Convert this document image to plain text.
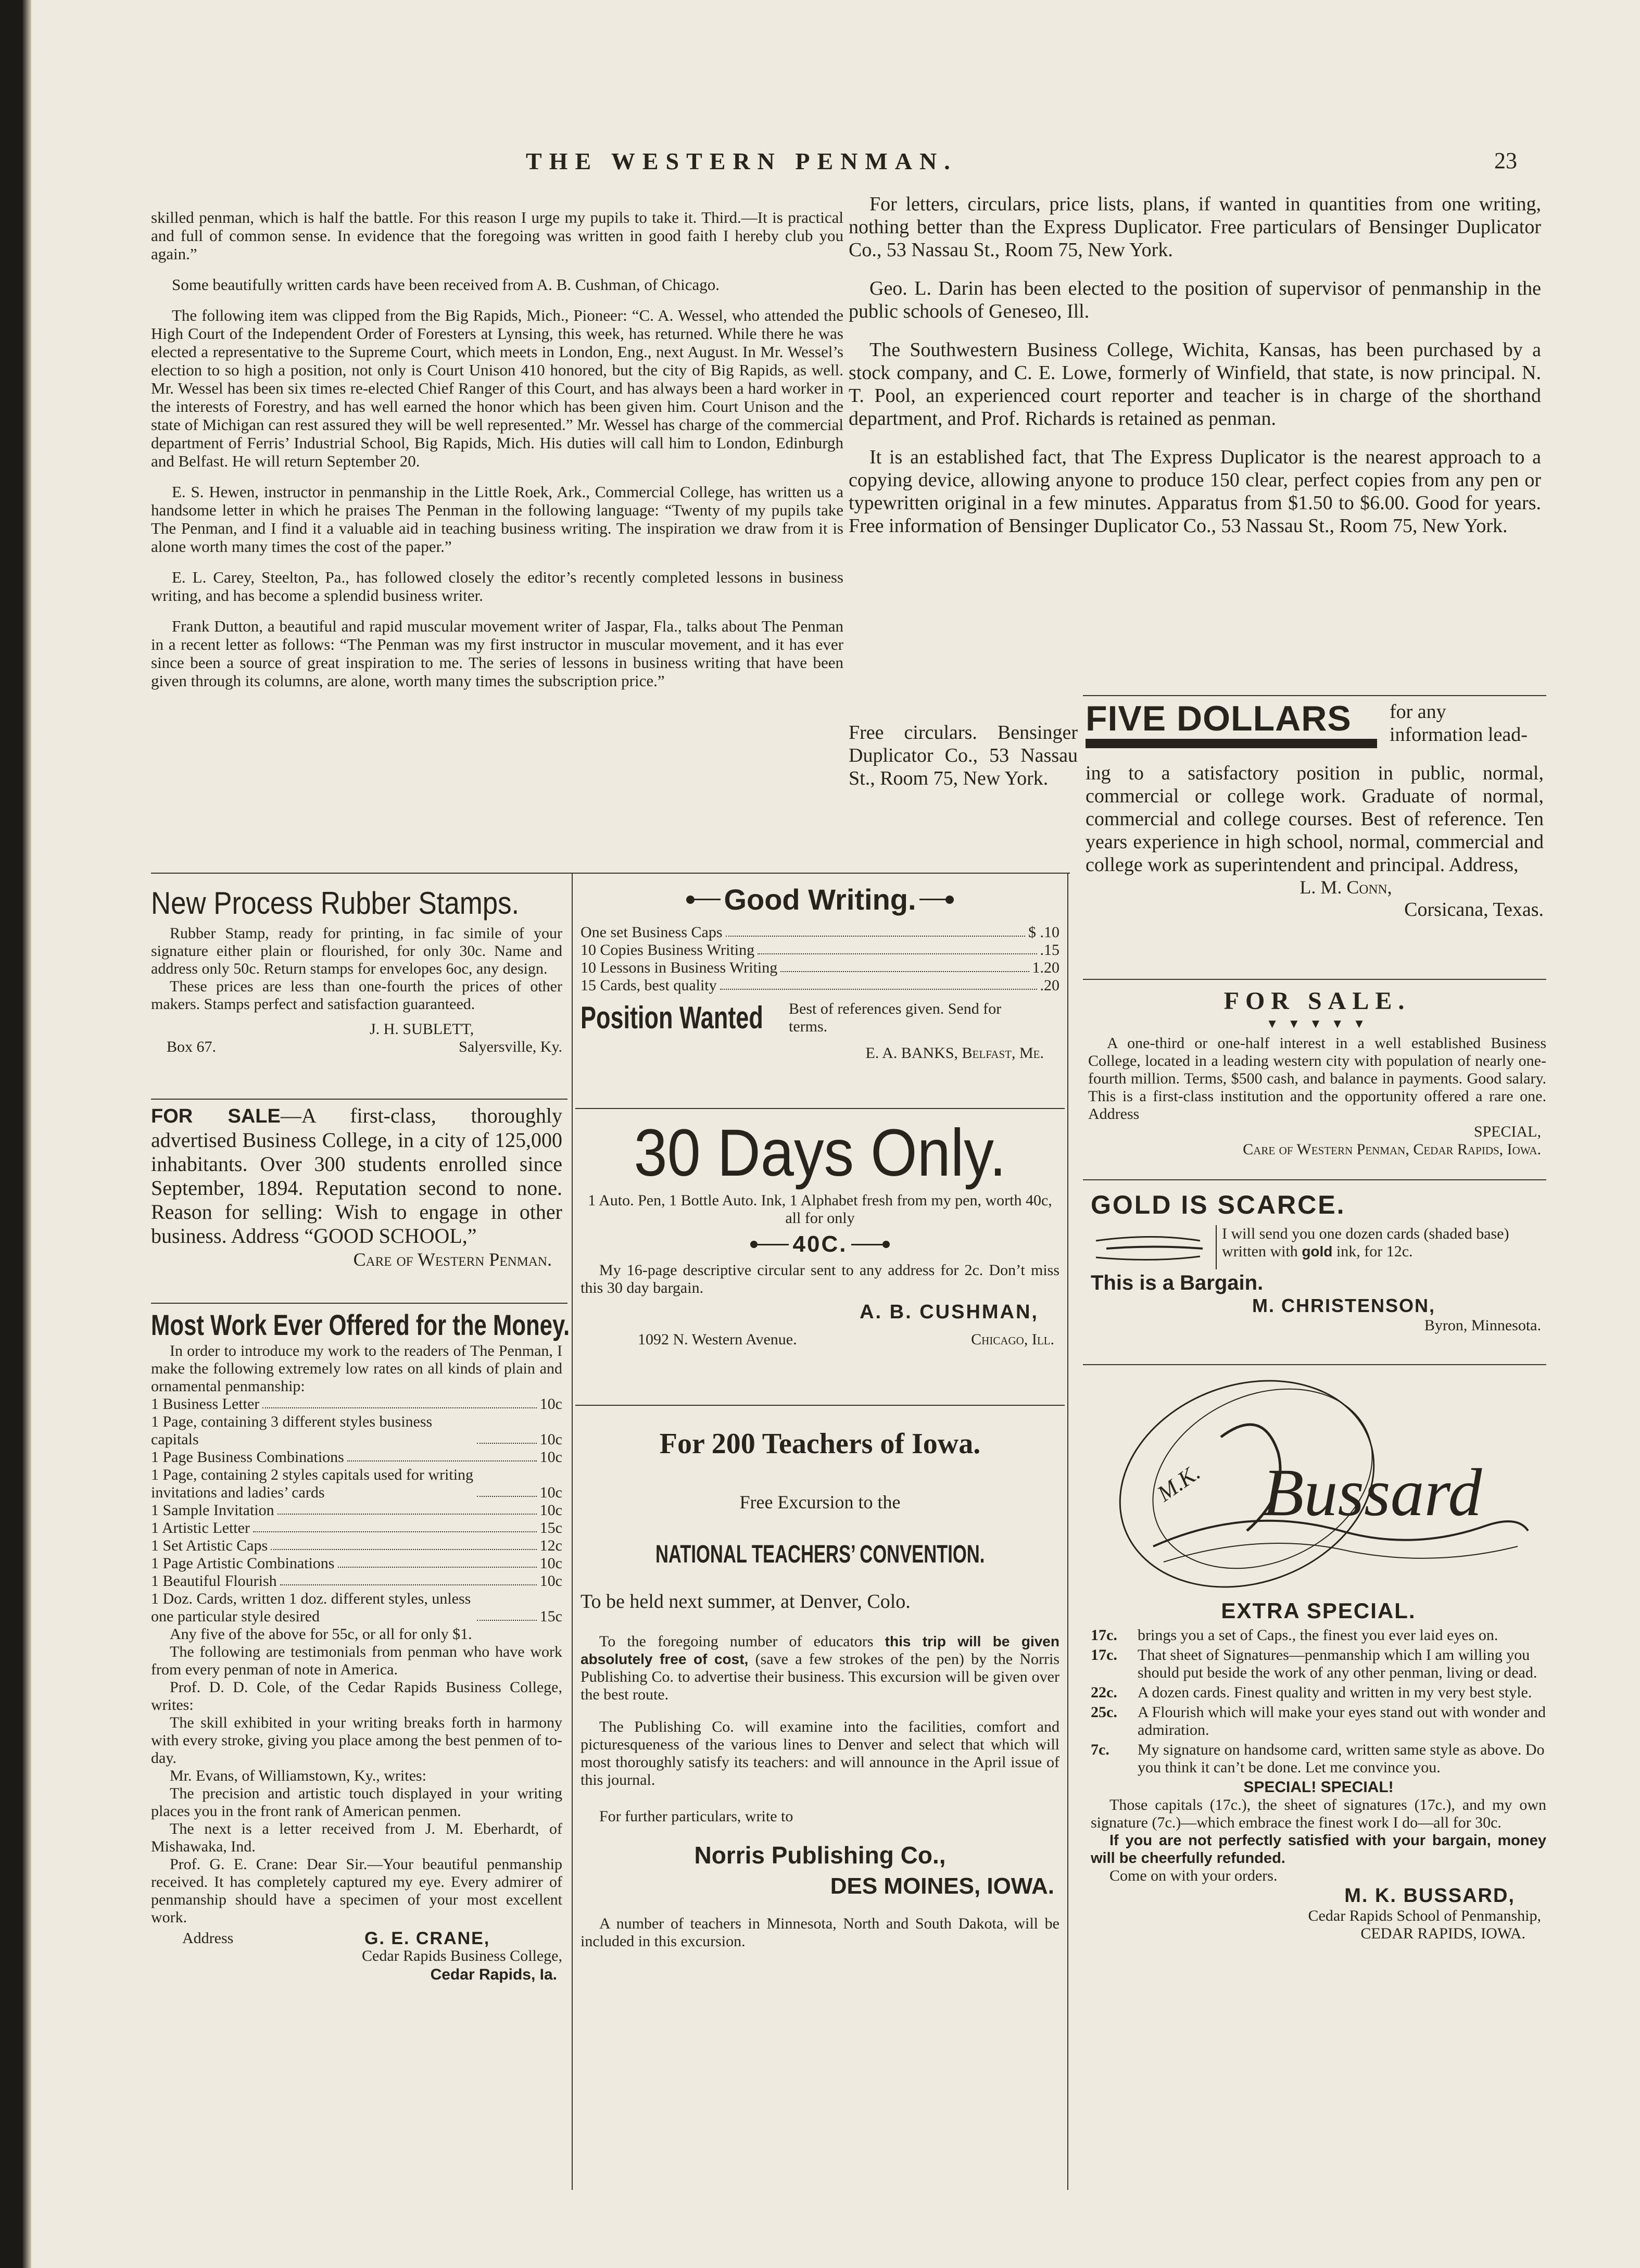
THE WESTERN PENMAN.	23

skilled penman, which is half the battle. For this reason I urge my pupils to take it. Third.—It is practical and full of common sense. In evidence that the foregoing was written in good faith I hereby club you again.”

Some beautifully written cards have been received from A. B. Cushman, of Chicago.

The following item was clipped from the Big Rapids, Mich., Pioneer: “C. A. Wessel, who attended the High Court of the Independent Order of Foresters at Lynsing, this week, has returned. While there he was elected a representative to the Supreme Court, which meets in London, Eng., next August. In Mr. Wessel’s election to so high a position, not only is Court Unison 410 honored, but the city of Big Rapids, as well. Mr. Wessel has been six times re-elected Chief Ranger of this Court, and has always been a hard worker in the interests of Forestry, and has well earned the honor which has been given him. Court Unison and the state of Michigan can rest assured they will be well represented.” Mr. Wessel has charge of the commercial department of Ferris’ Industrial School, Big Rapids, Mich. His duties will call him to London, Edinburgh and Belfast. He will return September 20.

E. S. Hewen, instructor in penmanship in the Little Roek, Ark., Commercial College, has written us a handsome letter in which he praises The Penman in the following language: “Twenty of my pupils take The Penman, and I find it a valuable aid in teaching business writing. The inspiration we draw from it is alone worth many times the cost of the paper.”

E. L. Carey, Steelton, Pa., has followed closely the editor’s recently completed lessons in business writing, and has become a splendid business writer.

Frank Dutton, a beautiful and rapid muscular movement writer of Jaspar, Fla., talks about The Penman in a recent letter as follows: “The Penman was my first instructor in muscular movement, and it has ever since been a source of great inspiration to me. The series of lessons in business writing that have been given through its columns, are alone, worth many times the subscription price.”

For letters, circulars, price lists, plans, if wanted in quantities from one writing, nothing better than the Express Duplicator. Free particulars of Bensinger Duplicator Co., 53 Nassau St., Room 75, New York.

Geo. L. Darin has been elected to the position of supervisor of penmanship in the public schools of Geneseo, Ill.

The Southwestern Business College, Wichita, Kansas, has been purchased by a stock company, and C. E. Lowe, formerly of Winfield, that state, is now principal. N. T. Pool, an experienced court reporter and teacher is in charge of the shorthand department, and Prof. Richards is retained as penman.

It is an established fact, that The Express Duplicator is the nearest approach to a copying device, allowing anyone to produce 150 clear, perfect copies from any pen or typewritten original in a few minutes. Apparatus from $1.50 to $6.00. Good for years. Free information of Bensinger Duplicator Co., 53 Nassau St., Room 75, New York.

Free circulars. Bensinger Duplicator Co., 53 Nassau St., Room 75, New York.

FIVE DOLLARS	for any information lead-

ing to a satisfactory position in public, normal, commercial or college work. Graduate of normal, commercial and college courses. Best of reference. Ten years experience in high school, normal, commercial and college work as superintendent and principal. Address,

L. M. Conn,
Corsicana, Texas.
New Process Rubber Stamps.

Rubber Stamp, ready for printing, in fac simile of your signature either plain or flourished, for only 30c. Name and address only 50c. Return stamps for envelopes 6oc, any design.

These prices are less than one-fourth the prices of other makers. Stamps perfect and satisfaction guaranteed.

J. H. SUBLETT,
Box 67.	Salyersville, Ky.

FOR SALE—A first-class, thoroughly advertised Business College, in a city of 125,000 inhabitants. Over 300 students enrolled since September, 1894. Reputation second to none. Reason for selling: Wish to engage in other business. Address “GOOD SCHOOL,”

Care of Western Penman.
Most Work Ever Offered for the Money.

In order to introduce my work to the readers of The Penman, I make the following extremely low rates on all kinds of plain and ornamental penmanship:

1 Business Letter	10c
1 Page, containing 3 different styles business capitals	10c
1 Page Business Combinations	10c
1 Page, containing 2 styles capitals used for writing invitations and ladies’ cards	10c
1 Sample Invitation	10c
1 Artistic Letter	15c
1 Set Artistic Caps	12c
1 Page Artistic Combinations	10c
1 Beautiful Flourish	10c
1 Doz. Cards, written 1 doz. different styles, unless one particular style desired	15c

Any five of the above for 55c, or all for only $1.

The following are testimonials from penman who have work from every penman of note in America.

Prof. D. D. Cole, of the Cedar Rapids Business College, writes:

The skill exhibited in your writing breaks forth in harmony with every stroke, giving you place among the best penmen of to-day.

Mr. Evans, of Williamstown, Ky., writes:

The precision and artistic touch displayed in your writing places you in the front rank of American penmen.

The next is a letter received from J. M. Eberhardt, of Mishawaka, Ind.

Prof. G. E. Crane: Dear Sir.—Your beautiful penmanship received. It has completely captured my eye. Every admirer of penmanship should have a specimen of your most excellent work.

Address	G. E. CRANE,
Cedar Rapids Business College,
Cedar Rapids, Ia.
Good Writing.
One set Business Caps	$ .10
10 Copies Business Writing	.15
10 Lessons in Business Writing	1.20
15 Cards, best quality	.20
Position Wanted Best of references given. Send for terms.
E. A. BANKS, Belfast, Me.
30 Days Only.

1 Auto. Pen, 1 Bottle Auto. Ink, 1 Alphabet fresh from my pen, worth 40c, all for only

40C.

My 16-page descriptive circular sent to any address for 2c. Don’t miss this 30 day bargain.

A. B. CUSHMAN,
1092 N. Western Avenue.	Chicago, Ill.
For 200 Teachers of Iowa.
Free Excursion to the
NATIONAL TEACHERS’ CONVENTION.
To be held next summer, at Denver, Colo.

To the foregoing number of educators this trip will be given absolutely free of cost, (save a few strokes of the pen) by the Norris Publishing Co. to advertise their business. This excursion will be given over the best route.

The Publishing Co. will examine into the facilities, comfort and picturesqueness of the various lines to Denver and select that which will most thoroughly satisfy its teachers: and will announce in the April issue of this journal.

For further particulars, write to
Norris Publishing Co.,
DES MOINES, IOWA.

A number of teachers in Minnesota, North and South Dakota, will be included in this excursion.

FOR SALE.
▼ ▼ ▼ ▼ ▼

A one-third or one-half interest in a well established Business College, located in a leading western city with population of nearly one-fourth million. Terms, $500 cash, and balance in payments. Good salary. This is a first-class institution and the opportunity offered a rare one. Address

SPECIAL,
Care of Western Penman, Cedar Rapids, Iowa.
GOLD IS SCARCE.
I will send you one dozen cards (shaded base) written with gold ink, for 12c.
This is a Bargain.
M. CHRISTENSON,
Byron, Minnesota.
M.K. Bussard
EXTRA SPECIAL.
17c.	brings you a set of Caps., the finest you ever laid eyes on.
17c.	That sheet of Signatures—penmanship which I am willing you should put beside the work of any other penman, living or dead.
22c.	A dozen cards. Finest quality and written in my very best style.
25c.	A Flourish which will make your eyes stand out with wonder and admiration.
7c.	My signature on handsome card, written same style as above. Do you think it can’t be done. Let me convince you.
SPECIAL! SPECIAL!

Those capitals (17c.), the sheet of signatures (17c.), and my own signature (7c.)—which embrace the finest work I do—all for 30c.

If you are not perfectly satisfied with your bargain, money will be cheerfully refunded.

Come on with your orders.
M. K. BUSSARD,
Cedar Rapids School of Penmanship,
CEDAR RAPIDS, IOWA.
